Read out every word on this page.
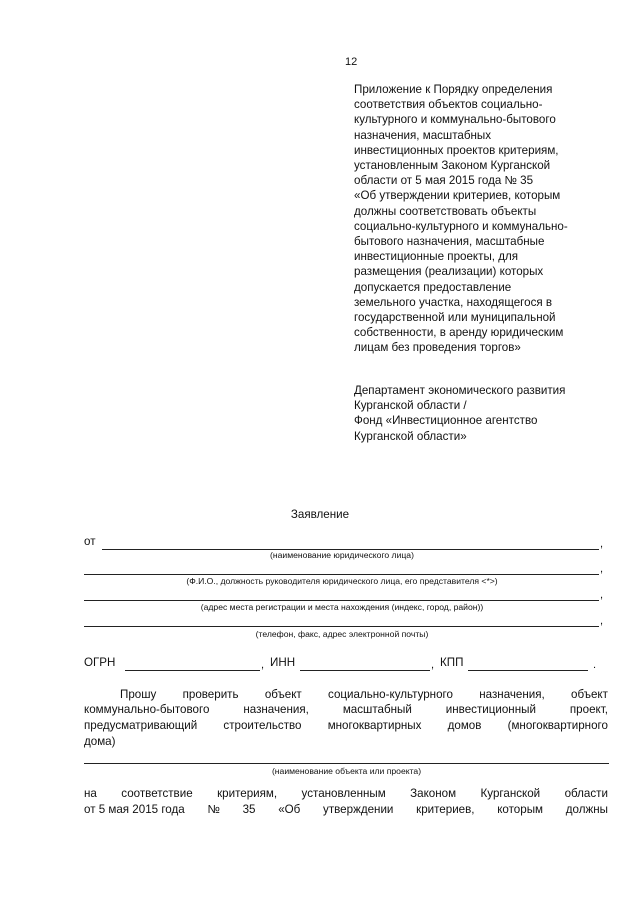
12
Приложение к Порядку определения
соответствия объектов социально-
культурного и коммунально-бытового
назначения, масштабных
инвестиционных проектов критериям,
установленным Законом Курганской
области от 5 мая 2015 года № 35
«Об утверждении критериев, которым
должны соответствовать объекты
социально-культурного и коммунально-
бытового назначения, масштабные
инвестиционные проекты, для
размещения (реализации) которых
допускается предоставление
земельного участка, находящегося в
государственной или муниципальной
собственности, в аренду юридическим
лицам без проведения торгов»
Департамент экономического развития
Курганской области /
Фонд «Инвестиционное агентство
Курганской области»
Заявление
от	,
(наименование юридического лица)
,
(Ф.И.О., должность руководителя юридического лица, его представителя <*>)
,
(адрес места регистрации и места нахождения (индекс, город, район))
,
(телефон, факс, адрес электронной почты)
ОГРН	, ИНН	, КПП	.
Прошу проверить объект социально-культурного назначения, объект
коммунально-бытового	назначения,	масштабный	инвестиционный	проект,
предусматривающий строительство многоквартирных домов (многоквартирного
дома)
(наименование объекта или проекта)
на соответствие критериям, установленным Законом Курганской области
от 5 мая 2015 года № 35 «Об утверждении критериев, которым должны
